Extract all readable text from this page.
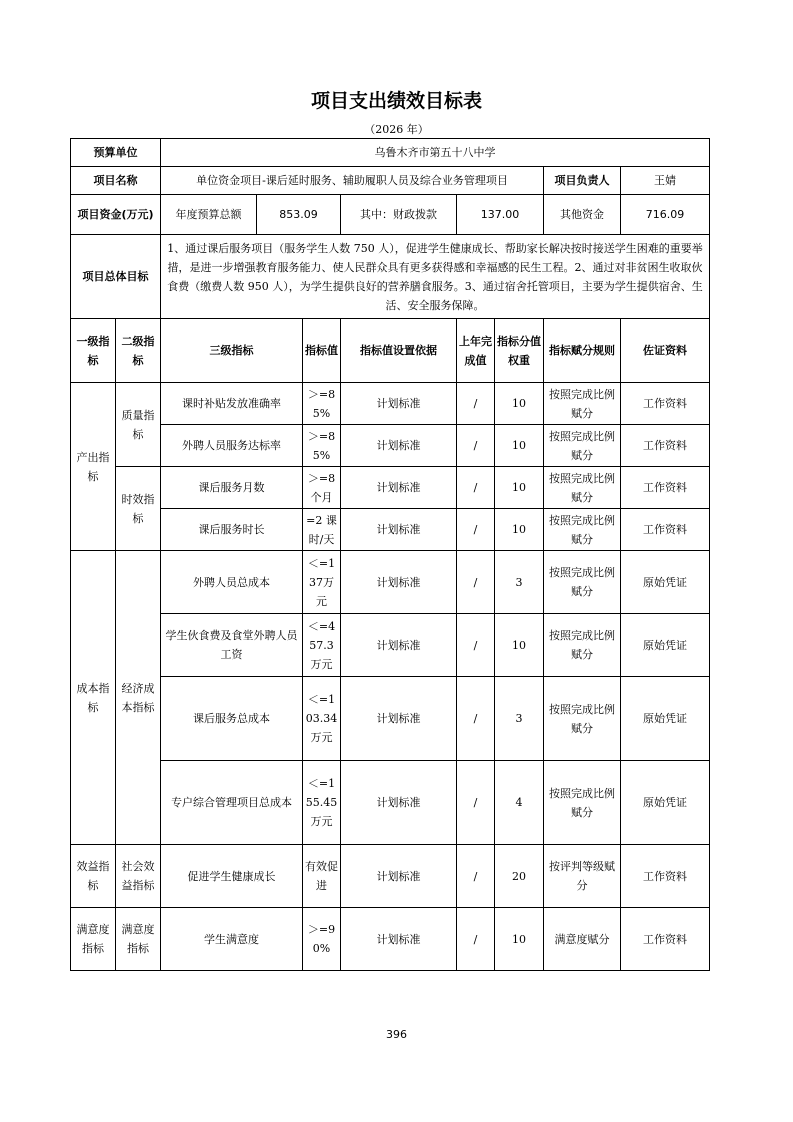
项目支出绩效目标表
（2026 年）
预算单位		乌鲁木齐市第五十八中学							
项目名称		单位资金项目-课后延时服务、辅助履职人员及综合业务管理项目						项目负责人	王婧
项目资金(万元)		年度预算总额	853.09		其中：财政拨款	137.00		其他资金	716.09
项目总体目标		1、通过课后服务项目（服务学生人数 750 人），促进学生健康成长、帮助家长解决按时接送学生困难的重要举措，是进一步增强教育服务能力、使人民群众具有更多获得感和幸福感的民生工程。2、通过对非贫困生收取伙食费（缴费人数 950 人），为学生提供良好的营养膳食服务。3、通过宿舍托管项目，主要为学生提供宿舍、生活、安全服务保障。							
一级指标	二级指标	三级指标		指标值	指标值设置依据	上年完成值	指标分值权重	指标赋分规则	佐证资料
产出指标	质量指标	课时补贴发放准确率		＞=85%	计划标准	/	10	按照完成比例赋分	工作资料
		外聘人员服务达标率		＞=85%	计划标准	/	10	按照完成比例赋分	工作资料
	时效指标	课后服务月数		＞=8个月	计划标准	/	10	按照完成比例赋分	工作资料
		课后服务时长		=2 课时/天	计划标准	/	10	按照完成比例赋分	工作资料
成本指标	经济成本指标	外聘人员总成本		＜=137万元	计划标准	/	3	按照完成比例赋分	原始凭证
		学生伙食费及食堂外聘人员工资		＜=457.3 万元	计划标准	/	10	按照完成比例赋分	原始凭证
		课后服务总成本		＜=103.34 万元	计划标准	/	3	按照完成比例赋分	原始凭证
		专户综合管理项目总成本		＜=155.45 万元	计划标准	/	4	按照完成比例赋分	原始凭证
效益指标	社会效益指标	促进学生健康成长		有效促进	计划标准	/	20	按评判等级赋分	工作资料
满意度指标	满意度指标	学生满意度		＞=90%	计划标准	/	10	满意度赋分	工作资料
396
